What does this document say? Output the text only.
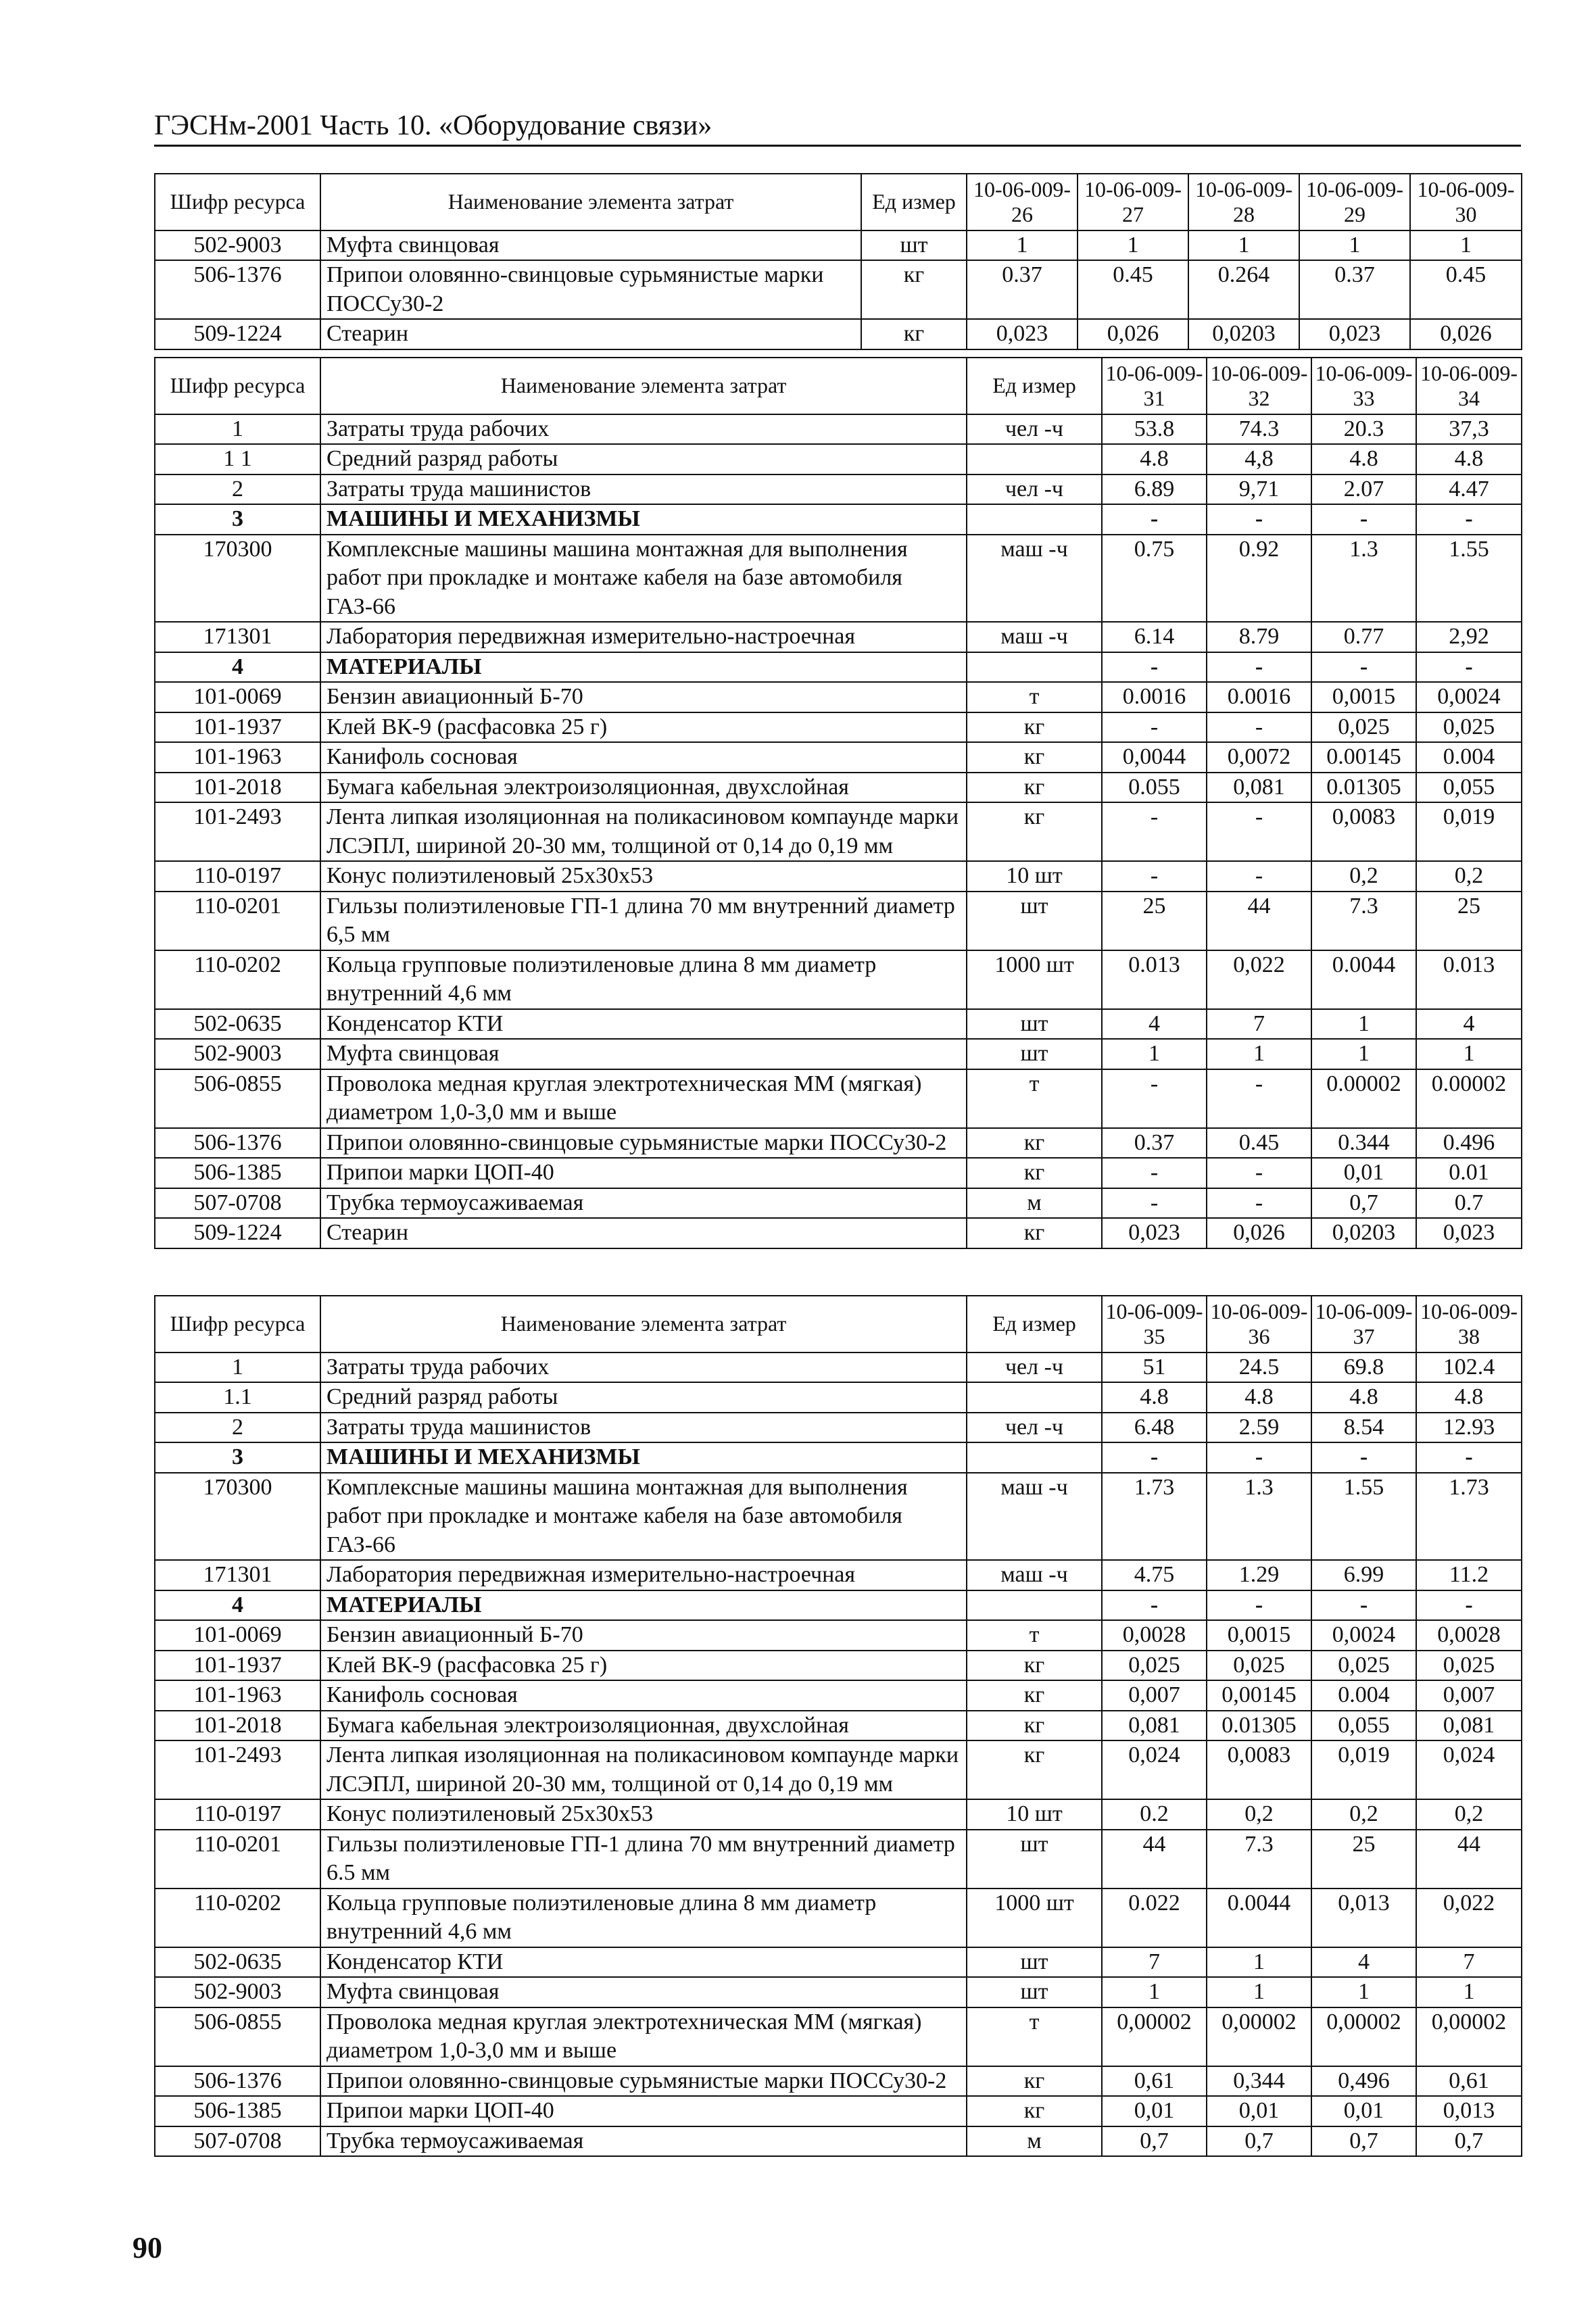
ГЭСНм-2001 Часть 10. «Оборудование связи»
Шифр ресурса	Наименование элемента затрат	Ед измер	10-06-009-26	10-06-009-27	10-06-009-28	10-06-009-29	10-06-009-30
502-9003	Муфта свинцовая	шт	1	1	1	1	1
506-1376	Припои оловянно-свинцовые сурьмянистые марки ПОССу30-2	кг	0.37	0.45	0.264	0.37	0.45
509-1224	Стеарин	кг	0,023	0,026	0,0203	0,023	0,026
Шифр ресурса	Наименование элемента затрат	Ед измер	10-06-009-31	10-06-009-32	10-06-009-33	10-06-009-34
1	Затраты труда рабочих	чел -ч	53.8	74.3	20.3	37,3
1 1	Средний разряд работы		4.8	4,8	4.8	4.8
2	Затраты труда машинистов	чел -ч	6.89	9,71	2.07	4.47
3	МАШИНЫ И МЕХАНИЗМЫ		-	-	-	-
170300	Комплексные машины машина монтажная для выполнения работ при прокладке и монтаже кабеля на базе автомобиля ГАЗ-66	маш -ч	0.75	0.92	1.3	1.55
171301	Лаборатория передвижная измерительно-настроечная	маш -ч	6.14	8.79	0.77	2,92
4	МАТЕРИАЛЫ		-	-	-	-
101-0069	Бензин авиационный Б-70	т	0.0016	0.0016	0,0015	0,0024
101-1937	Клей ВК-9 (расфасовка 25 г)	кг	-	-	0,025	0,025
101-1963	Канифоль сосновая	кг	0,0044	0,0072	0.00145	0.004
101-2018	Бумага кабельная электроизоляционная, двухслойная	кг	0.055	0,081	0.01305	0,055
101-2493	Лента липкая изоляционная на поликасиновом компаунде марки ЛСЭПЛ, шириной 20-30 мм, толщиной от 0,14 до 0,19 мм	кг	-	-	0,0083	0,019
110-0197	Конус полиэтиленовый 25х30х53	10 шт	-	-	0,2	0,2
110-0201	Гильзы полиэтиленовые ГП-1 длина 70 мм внутренний диаметр 6,5 мм	шт	25	44	7.3	25
110-0202	Кольца групповые полиэтиленовые длина 8 мм диаметр внутренний 4,6 мм	1000 шт	0.013	0,022	0.0044	0.013
502-0635	Конденсатор КТИ	шт	4	7	1	4
502-9003	Муфта свинцовая	шт	1	1	1	1
506-0855	Проволока медная круглая электротехническая ММ (мягкая) диаметром 1,0-3,0 мм и выше	т	-	-	0.00002	0.00002
506-1376	Припои оловянно-свинцовые сурьмянистые марки ПОССу30-2	кг	0.37	0.45	0.344	0.496
506-1385	Припои марки ЦОП-40	кг	-	-	0,01	0.01
507-0708	Трубка термоусаживаемая	м	-	-	0,7	0.7
509-1224	Стеарин	кг	0,023	0,026	0,0203	0,023
Шифр ресурса	Наименование элемента затрат	Ед измер	10-06-009-35	10-06-009-36	10-06-009-37	10-06-009-38
1	Затраты труда рабочих	чел -ч	51	24.5	69.8	102.4
1.1	Средний разряд работы		4.8	4.8	4.8	4.8
2	Затраты труда машинистов	чел -ч	6.48	2.59	8.54	12.93
3	МАШИНЫ И МЕХАНИЗМЫ		-	-	-	-
170300	Комплексные машины машина монтажная для выполнения работ при прокладке и монтаже кабеля на базе автомобиля ГАЗ-66	маш -ч	1.73	1.3	1.55	1.73
171301	Лаборатория передвижная измерительно-настроечная	маш -ч	4.75	1.29	6.99	11.2
4	МАТЕРИАЛЫ		-	-	-	-
101-0069	Бензин авиационный Б-70	т	0,0028	0,0015	0,0024	0,0028
101-1937	Клей ВК-9 (расфасовка 25 г)	кг	0,025	0,025	0,025	0,025
101-1963	Канифоль сосновая	кг	0,007	0,00145	0.004	0,007
101-2018	Бумага кабельная электроизоляционная, двухслойная	кг	0,081	0.01305	0,055	0,081
101-2493	Лента липкая изоляционная на поликасиновом компаунде марки ЛСЭПЛ, шириной 20-30 мм, толщиной от 0,14 до 0,19 мм	кг	0,024	0,0083	0,019	0,024
110-0197	Конус полиэтиленовый 25х30х53	10 шт	0.2	0,2	0,2	0,2
110-0201	Гильзы полиэтиленовые ГП-1 длина 70 мм внутренний диаметр 6.5 мм	шт	44	7.3	25	44
110-0202	Кольца групповые полиэтиленовые длина 8 мм диаметр внутренний 4,6 мм	1000 шт	0.022	0.0044	0,013	0,022
502-0635	Конденсатор КТИ	шт	7	1	4	7
502-9003	Муфта свинцовая	шт	1	1	1	1
506-0855	Проволока медная круглая электротехническая ММ (мягкая) диаметром 1,0-3,0 мм и выше	т	0,00002	0,00002	0,00002	0,00002
506-1376	Припои оловянно-свинцовые сурьмянистые марки ПОССу30-2	кг	0,61	0,344	0,496	0,61
506-1385	Припои марки ЦОП-40	кг	0,01	0,01	0,01	0,013
507-0708	Трубка термоусаживаемая	м	0,7	0,7	0,7	0,7
90
